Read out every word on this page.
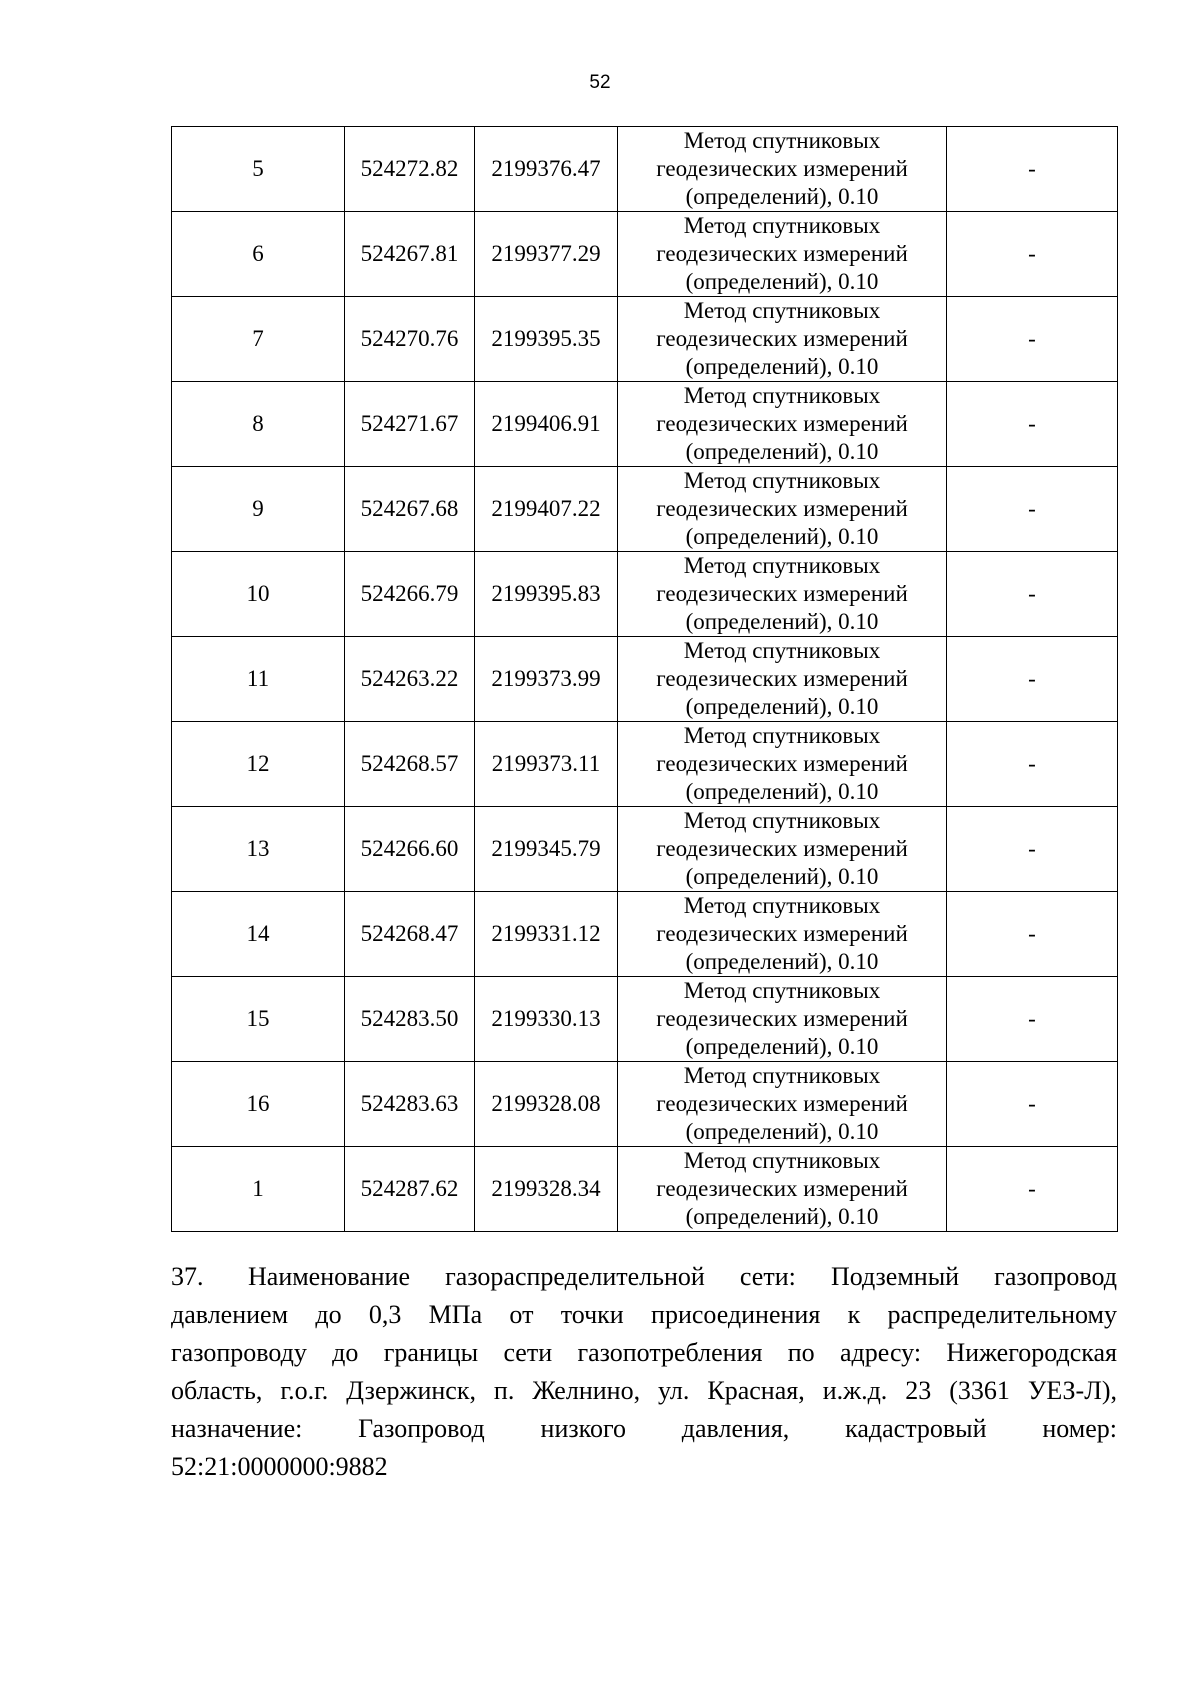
52
5	524272.82	2199376.47	Метод спутниковых
геодезических измерений
(определений), 0.10	-
6	524267.81	2199377.29	Метод спутниковых
геодезических измерений
(определений), 0.10	-
7	524270.76	2199395.35	Метод спутниковых
геодезических измерений
(определений), 0.10	-
8	524271.67	2199406.91	Метод спутниковых
геодезических измерений
(определений), 0.10	-
9	524267.68	2199407.22	Метод спутниковых
геодезических измерений
(определений), 0.10	-
10	524266.79	2199395.83	Метод спутниковых
геодезических измерений
(определений), 0.10	-
11	524263.22	2199373.99	Метод спутниковых
геодезических измерений
(определений), 0.10	-
12	524268.57	2199373.11	Метод спутниковых
геодезических измерений
(определений), 0.10	-
13	524266.60	2199345.79	Метод спутниковых
геодезических измерений
(определений), 0.10	-
14	524268.47	2199331.12	Метод спутниковых
геодезических измерений
(определений), 0.10	-
15	524283.50	2199330.13	Метод спутниковых
геодезических измерений
(определений), 0.10	-
16	524283.63	2199328.08	Метод спутниковых
геодезических измерений
(определений), 0.10	-
1	524287.62	2199328.34	Метод спутниковых
геодезических измерений
(определений), 0.10	-

37. Наименование газораспределительной сети: Подземный газопровод
давлением до 0,3 МПа от точки присоединения к распределительному
газопроводу до границы сети газопотребления по адресу: Нижегородская
область, г.о.г. Дзержинск, п. Желнино, ул. Красная, и.ж.д. 23 (3361 УЕЗ-Л),
назначение: Газопровод низкого давления, кадастровый номер:
52:21:0000000:9882
